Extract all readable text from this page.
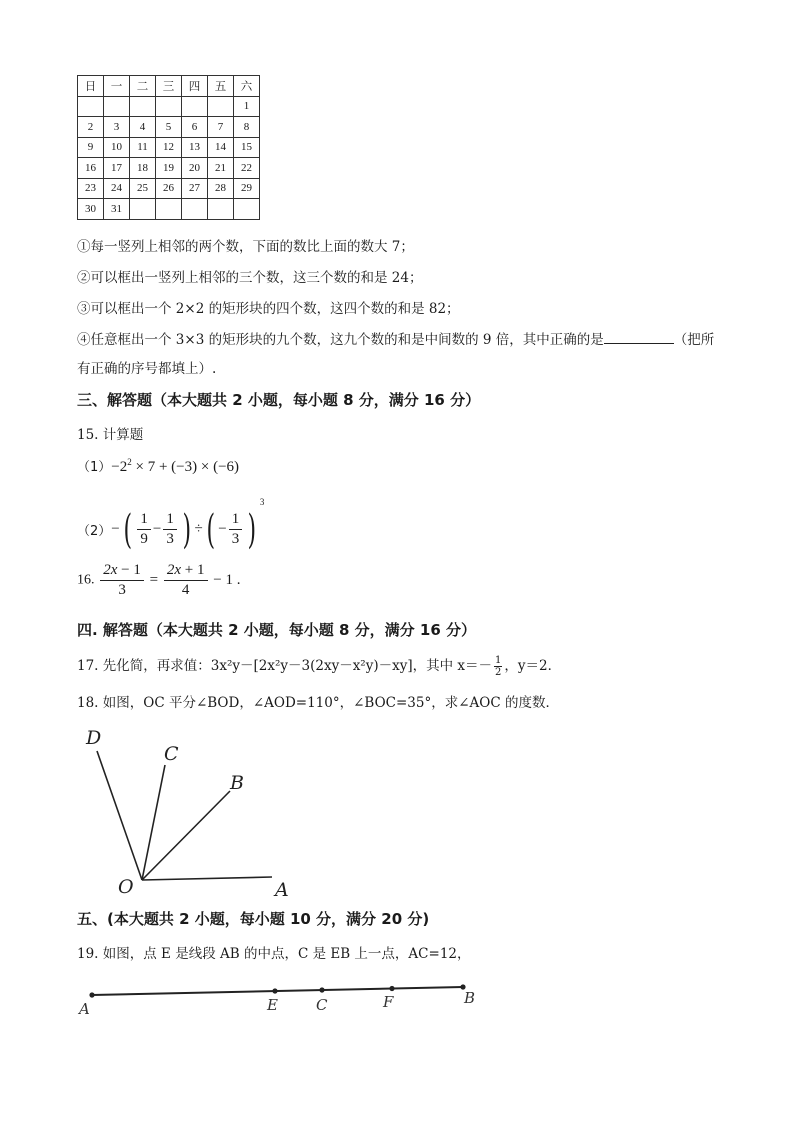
日	一	二	三	四	五	六
						1
2	3	4	5	6	7	8
9	10	11	12	13	14	15
16	17	18	19	20	21	22
23	24	25	26	27	28	29
30	31					
①每一竖列上相邻的两个数，下面的数比上面的数大 7；
②可以框出一竖列上相邻的三个数，这三个数的和是 24；
③可以框出一个 2×2 的矩形块的四个数，这四个数的和是 82；
④任意框出一个 3×3 的矩形块的九个数，这九个数的和是中间数的 9 倍，其中正确的是	（把所
有正确的序号都填上）.
三、解答题（本大题共 2 小题，每小题 8 分，满分 16 分）
15. 计算题
$(1)-2^2 \times 7 + (-3) \times (-6)$
$(2)-( \frac{1}{9} - \frac{1}{3}$ ) ÷( − $\frac{1}{3} )^3$
16. $\frac{2x - 1}{3} = \frac{2x + 1}{4} - 1$ .
四. 解答题（本大题共 2 小题，每小题 8 分，满分 16 分）
17. 先化简，再求值：3x²y－[2x²y－3(2xy－x²y)－xy]，其中 $x=- \frac{1}{2}$ ，y＝2．
18. 如图，OC 平分∠BOD，∠AOD=110°，∠BOC=35°，求∠AOC 的度数．
D
C
B
O	A
五、(本大题共 2 小题，每小题 10 分，满分 20 分)
19. 如图，点 E 是线段 AB 的中点，C 是 EB 上一点，AC=12，
A	E	C	F	B
